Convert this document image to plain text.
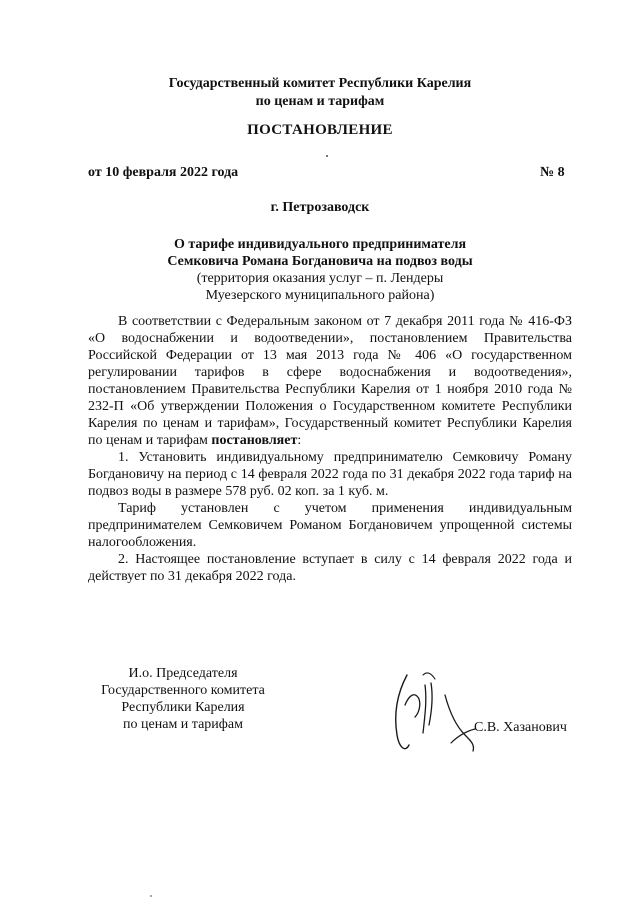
Государственный комитет Республики Карелия
по ценам и тарифам
ПОСТАНОВЛЕНИЕ
от 10 февраля 2022 года	№ 8
г. Петрозаводск
О тарифе индивидуального предпринимателя
Семковича Романа Богдановича на подвоз воды
(территория оказания услуг – п. Лендеры
Муезерского муниципального района)

В соответствии с Федеральным законом от 7 декабря 2011 года № 416-ФЗ «О водоснабжении и водоотведении», постановлением Правительства Российской Федерации от 13 мая 2013 года № 406 «О государственном регулировании тарифов в сфере водоснабжения и водоотведения», постановлением Правительства Республики Карелия от 1 ноября 2010 года № 232-П «Об утверждении Положения о Государственном комитете Республики Карелия по ценам и тарифам», Государственный комитет Республики Карелия по ценам и тарифам постановляет:

1. Установить индивидуальному предпринимателю Семковичу Роману Богдановичу на период с 14 февраля 2022 года по 31 декабря 2022 года тариф на подвоз воды в размере 578 руб. 02 коп. за 1 куб. м.

Тариф установлен с учетом применения индивидуальным предпринимателем Семковичем Романом Богдановичем упрощенной системы налогообложения.

2. Настоящее постановление вступает в силу с 14 февраля 2022 года и действует по 31 декабря 2022 года.

И.о. Председателя
Государственного комитета
Республики Карелия
по ценам и тарифам	С.В. Хазанович
